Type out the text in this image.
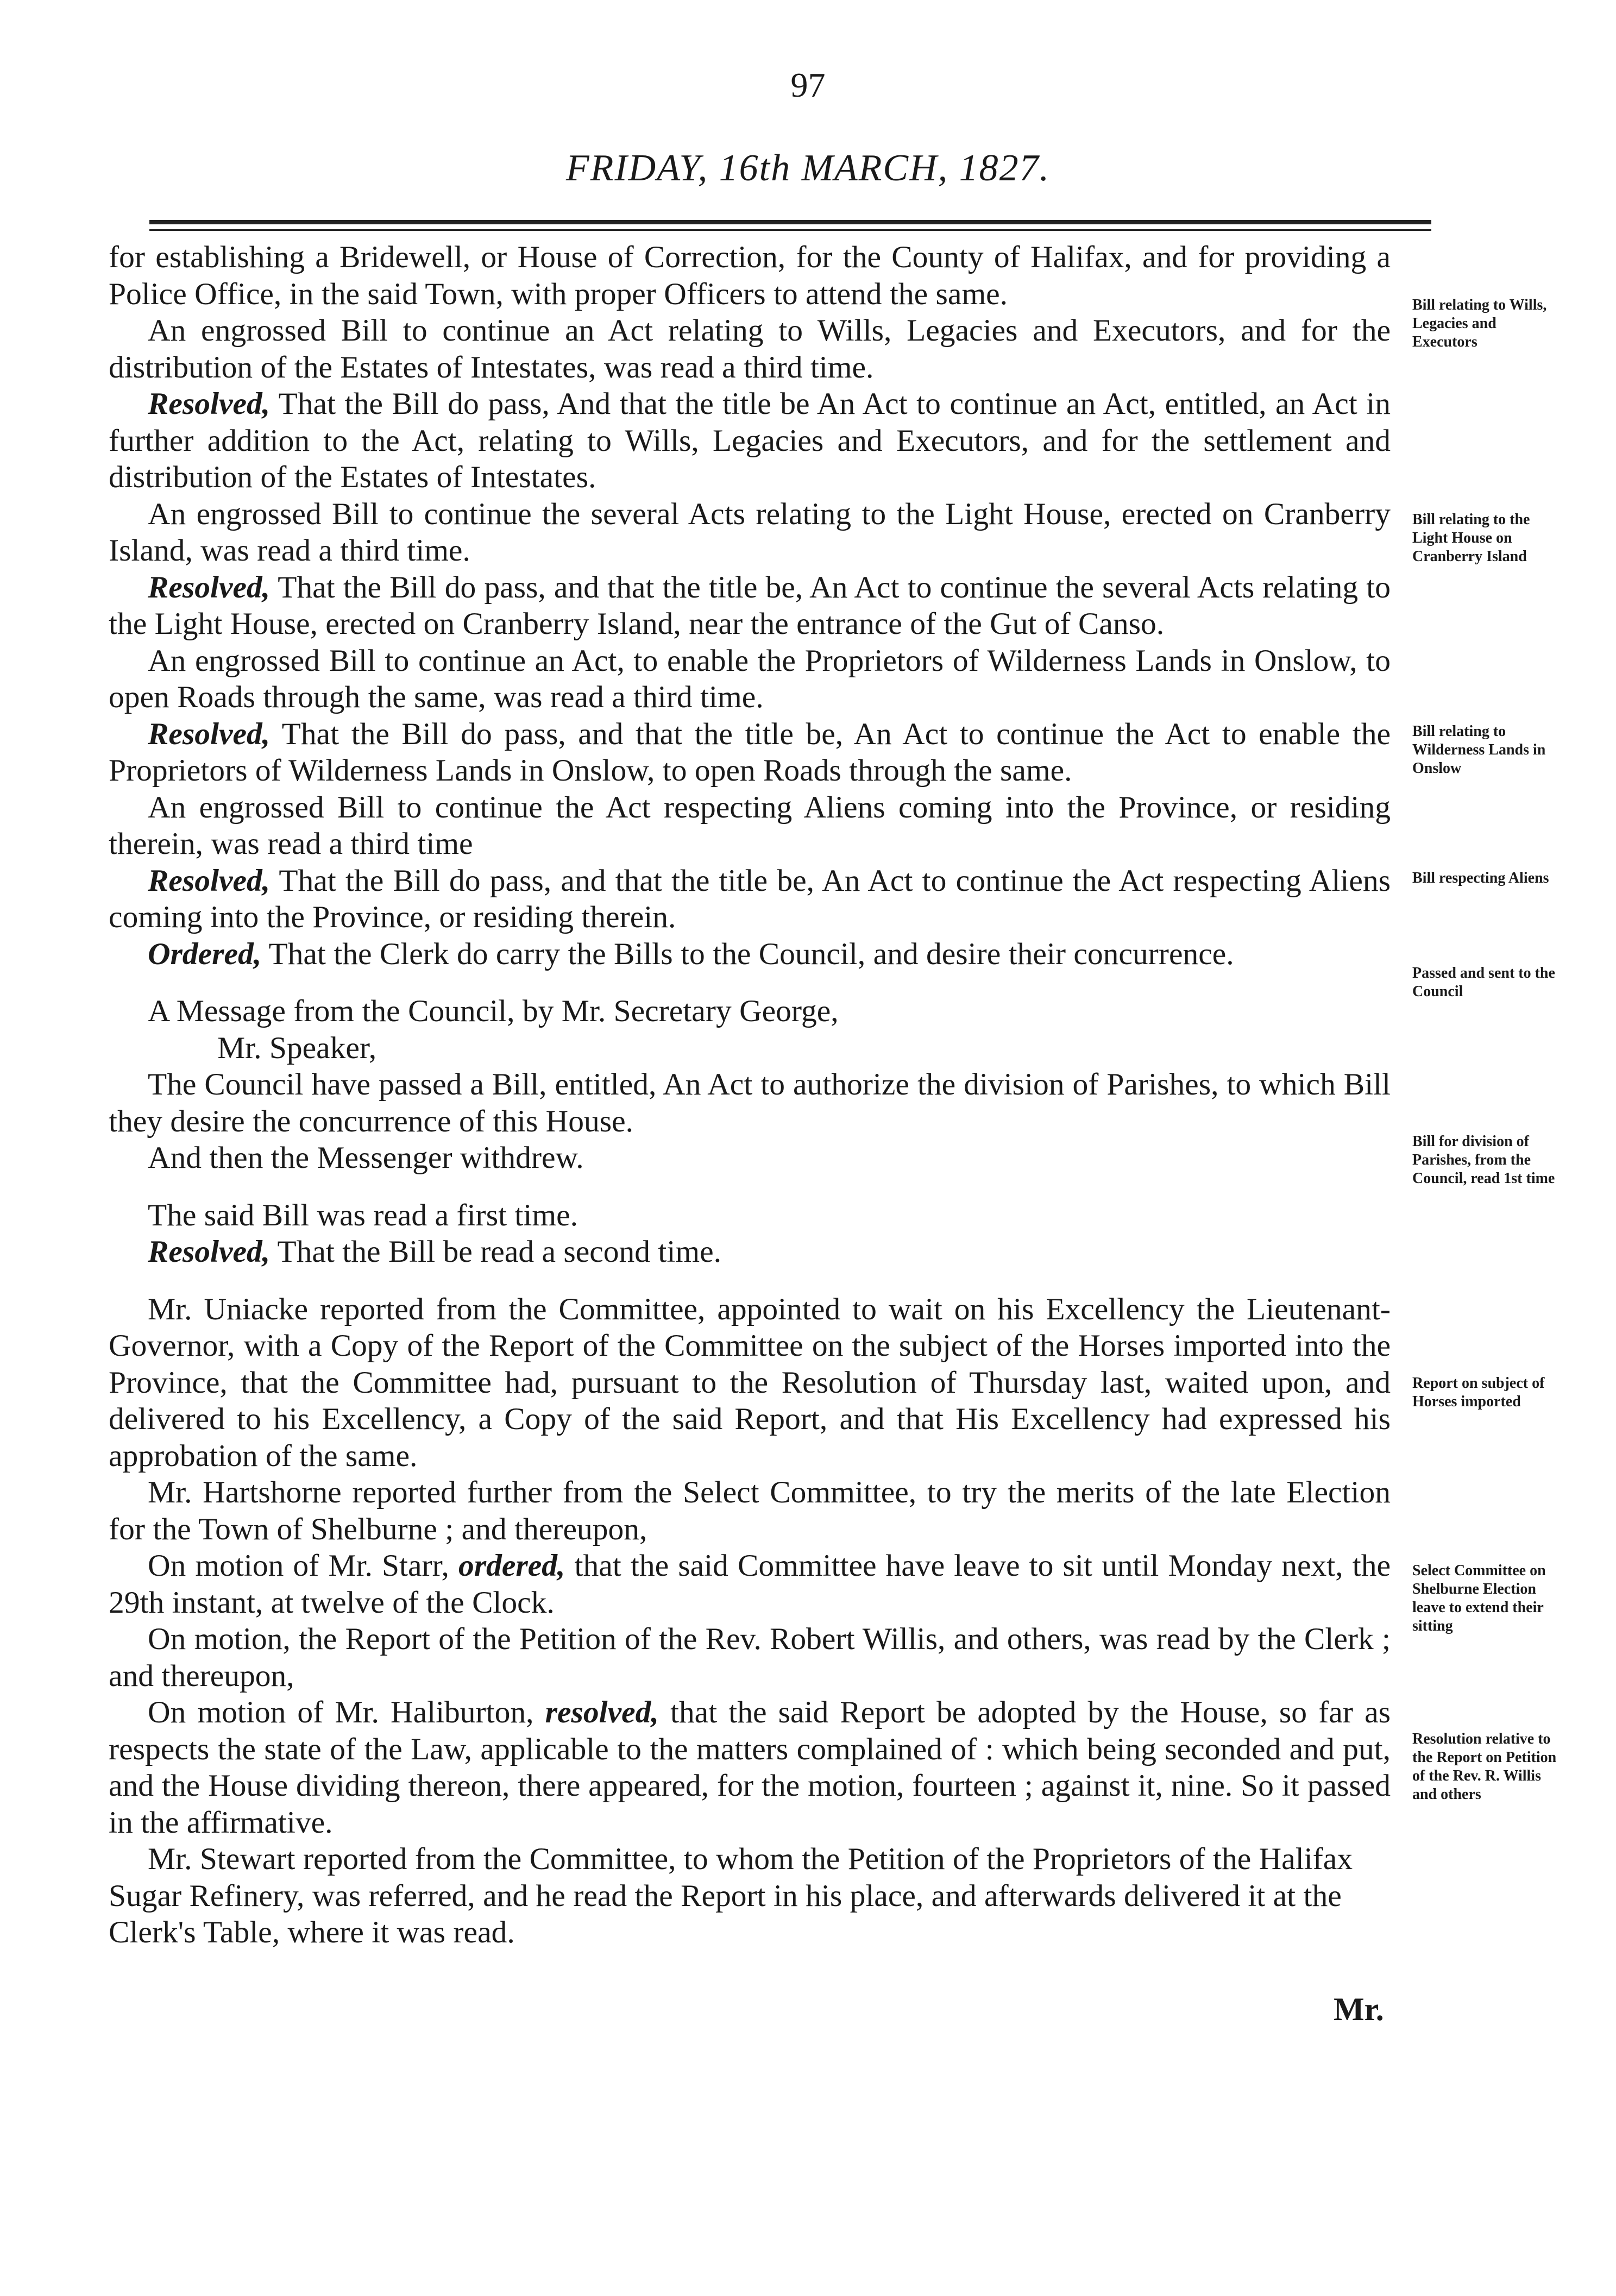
97
FRIDAY, 16th MARCH, 1827.

for establishing a Bridewell, or House of Correction, for the County of Halifax, and for providing a Police Office, in the said Town, with proper Officers to attend the same.

An engrossed Bill to continue an Act relating to Wills, Legacies and Executors, and for the distribution of the Estates of Intestates, was read a third time.

Resolved, That the Bill do pass, And that the title be An Act to continue an Act, entitled, an Act in further addition to the Act, relating to Wills, Legacies and Executors, and for the settlement and distribution of the Estates of Intestates.

An engrossed Bill to continue the several Acts relating to the Light House, erected on Cranberry Island, was read a third time.

Resolved, That the Bill do pass, and that the title be, An Act to continue the several Acts relating to the Light House, erected on Cranberry Island, near the entrance of the Gut of Canso.

An engrossed Bill to continue an Act, to enable the Proprietors of Wilderness Lands in Onslow, to open Roads through the same, was read a third time.

Resolved, That the Bill do pass, and that the title be, An Act to continue the Act to enable the Proprietors of Wilderness Lands in Onslow, to open Roads through the same.

An engrossed Bill to continue the Act respecting Aliens coming into the Province, or residing therein, was read a third time

Resolved, That the Bill do pass, and that the title be, An Act to continue the Act respecting Aliens coming into the Province, or residing therein.

Ordered, That the Clerk do carry the Bills to the Council, and desire their concurrence.

A Message from the Council, by Mr. Secretary George,

Mr. Speaker,

The Council have passed a Bill, entitled, An Act to authorize the division of Parishes, to which Bill they desire the concurrence of this House.

And then the Messenger withdrew.

The said Bill was read a first time.

Resolved, That the Bill be read a second time.

Mr. Uniacke reported from the Committee, appointed to wait on his Excellency the Lieutenant-Governor, with a Copy of the Report of the Committee on the subject of the Horses imported into the Province, that the Committee had, pursuant to the Resolution of Thursday last, waited upon, and delivered to his Excellency, a Copy of the said Report, and that His Excellency had expressed his approbation of the same.

Mr. Hartshorne reported further from the Select Committee, to try the merits of the late Election for the Town of Shelburne ; and thereupon,

On motion of Mr. Starr, ordered, that the said Committee have leave to sit until Monday next, the 29th instant, at twelve of the Clock.

On motion, the Report of the Petition of the Rev. Robert Willis, and others, was read by the Clerk ; and thereupon,

On motion of Mr. Haliburton, resolved, that the said Report be adopted by the House, so far as respects the state of the Law, applicable to the matters complained of : which being seconded and put, and the House dividing thereon, there appeared, for the motion, fourteen ; against it, nine. So it passed in the affirmative.

Mr. Stewart reported from the Committee, to whom the Petition of the Proprietors of the Halifax Sugar Refinery, was referred, and he read the Report in his place, and afterwards delivered it at the Clerk's Table, where it was read.

Mr.
Bill relating to Wills, Legacies and Executors
Bill relating to the Light House on Cranberry Island
Bill relating to Wilderness Lands in Onslow
Bill respecting Aliens
Passed and sent to the Council
Bill for division of Parishes, from the Council, read 1st time
Report on subject of Horses imported
Select Committee on Shelburne Election leave to extend their sitting
Resolution relative to the Report on Petition of the Rev. R. Willis and others
